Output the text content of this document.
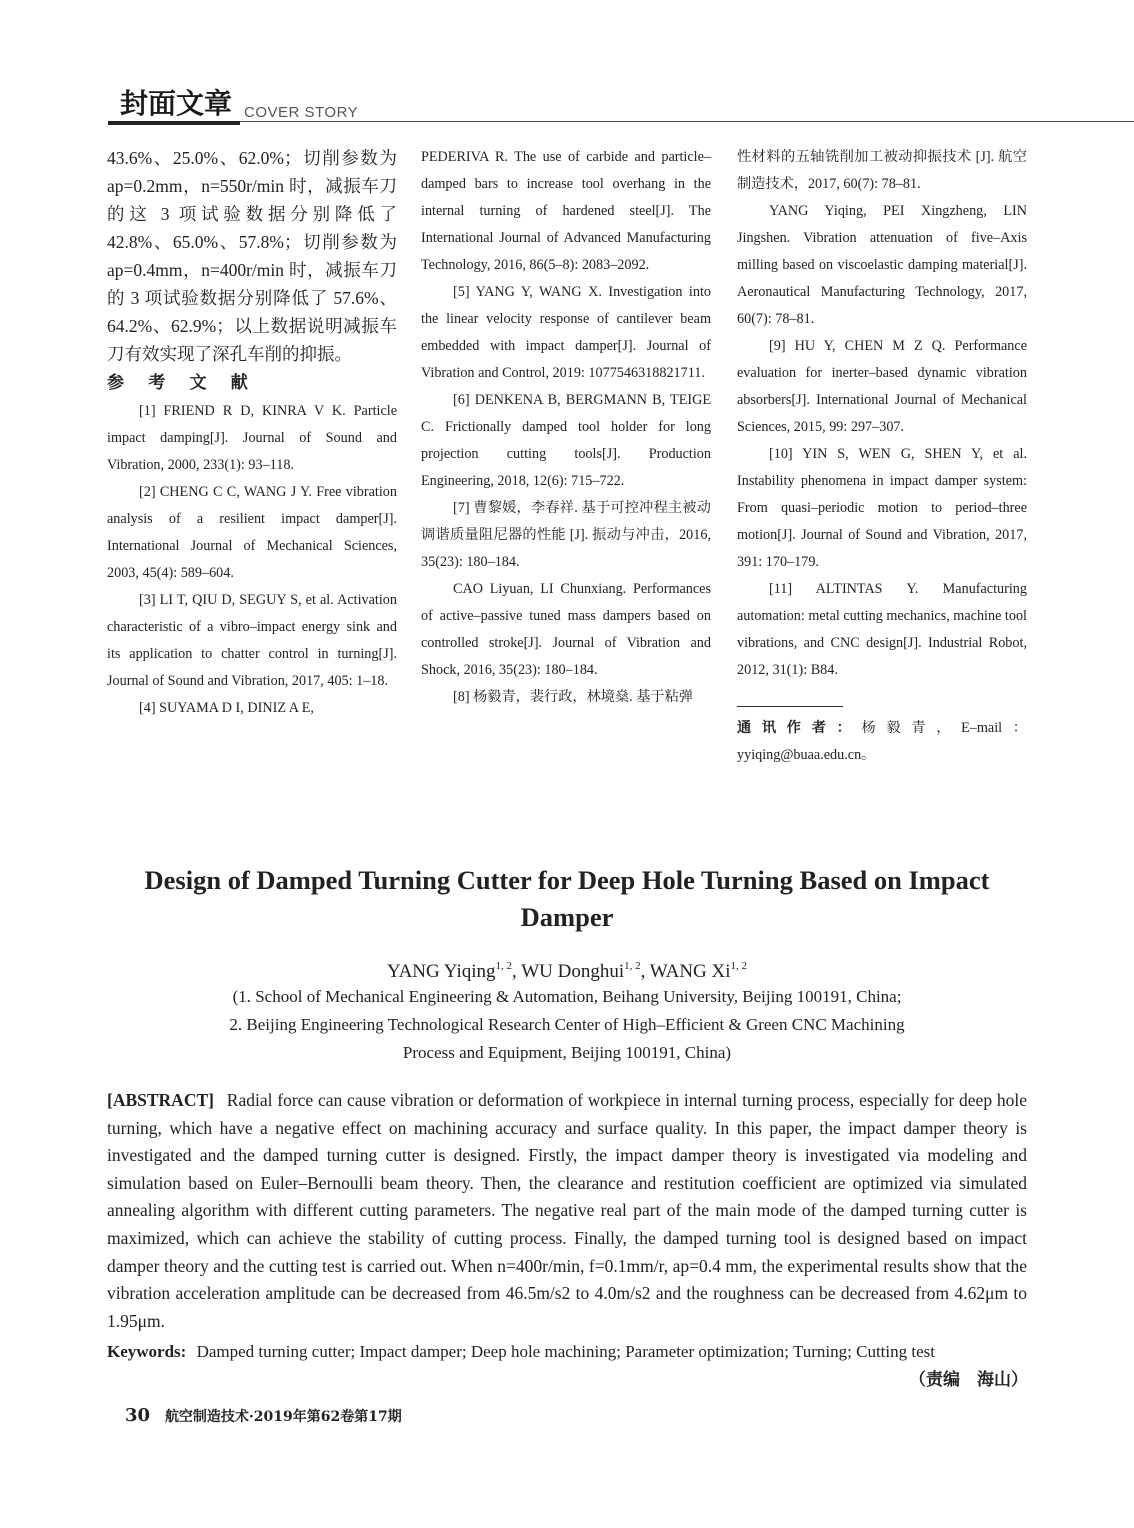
封面文章 COVER STORY

43.6%、25.0%、62.0%；切削参数为 ap=0.2mm，n=550r/min 时，减振车刀的这 3 项试验数据分别降低了 42.8%、65.0%、57.8%；切削参数为 ap=0.4mm，n=400r/min 时，减振车刀的 3 项试验数据分别降低了 57.6%、64.2%、62.9%；以上数据说明减振车刀有效实现了深孔车削的抑振。

参 考 文 献

[1] FRIEND R D, KINRA V K. Particle impact damping[J]. Journal of Sound and Vibration, 2000, 233(1): 93–118.

[2] CHENG C C, WANG J Y. Free vibration analysis of a resilient impact damper[J]. International Journal of Mechanical Sciences, 2003, 45(4): 589–604.

[3] LI T, QIU D, SEGUY S, et al. Activation characteristic of a vibro–impact energy sink and its application to chatter control in turning[J]. Journal of Sound and Vibration, 2017, 405: 1–18.

[4] SUYAMA D I, DINIZ A E,

PEDERIVA R. The use of carbide and particle–damped bars to increase tool overhang in the internal turning of hardened steel[J]. The International Journal of Advanced Manufacturing Technology, 2016, 86(5–8): 2083–2092.

[5] YANG Y, WANG X. Investigation into the linear velocity response of cantilever beam embedded with impact damper[J]. Journal of Vibration and Control, 2019: 1077546318821711.

[6] DENKENA B, BERGMANN B, TEIGE C. Frictionally damped tool holder for long projection cutting tools[J]. Production Engineering, 2018, 12(6): 715–722.

[7] 曹黎媛，李春祥. 基于可控冲程主被动调谐质量阻尼器的性能 [J]. 振动与冲击，2016, 35(23): 180–184.

CAO Liyuan, LI Chunxiang. Performances of active–passive tuned mass dampers based on controlled stroke[J]. Journal of Vibration and Shock, 2016, 35(23): 180–184.

[8] 杨毅青，裴行政，林境燊. 基于粘弹

性材料的五轴铣削加工被动抑振技术 [J]. 航空制造技术，2017, 60(7): 78–81.

YANG Yiqing, PEI Xingzheng, LIN Jingshen. Vibration attenuation of five–Axis milling based on viscoelastic damping material[J]. Aeronautical Manufacturing Technology, 2017, 60(7): 78–81.

[9] HU Y, CHEN M Z Q. Performance evaluation for inerter–based dynamic vibration absorbers[J]. International Journal of Mechanical Sciences, 2015, 99: 297–307.

[10] YIN S, WEN G, SHEN Y, et al. Instability phenomena in impact damper system: From quasi–periodic motion to period–three motion[J]. Journal of Sound and Vibration, 2017, 391: 170–179.

[11] ALTINTAS Y. Manufacturing automation: metal cutting mechanics, machine tool vibrations, and CNC design[J]. Industrial Robot, 2012, 31(1): B84.

通讯作者：杨毅青，E–mail：yyiqing@buaa.edu.cn。

Design of Damped Turning Cutter for Deep Hole Turning Based on Impact Damper
YANG Yiqing$^{1, 2}$, WU Donghui$^{1, 2}$, WANG Xi$^{1, 2}$
(1. School of Mechanical Engineering & Automation, Beihang University, Beijing 100191, China;
2. Beijing Engineering Technological Research Center of High–Efficient & Green CNC Machining
Process and Equipment, Beijing 100191, China)
[ABSTRACT] Radial force can cause vibration or deformation of workpiece in internal turning process, especially for deep hole turning, which have a negative effect on machining accuracy and surface quality. In this paper, the impact damper theory is investigated and the damped turning cutter is designed. Firstly, the impact damper theory is investigated via modeling and simulation based on Euler–Bernoulli beam theory. Then, the clearance and restitution coefficient are optimized via simulated annealing algorithm with different cutting parameters. The negative real part of the main mode of the damped turning cutter is maximized, which can achieve the stability of cutting process. Finally, the damped turning tool is designed based on impact damper theory and the cutting test is carried out. When n=400r/min, f=0.1mm/r, ap=0.4 mm, the experimental results show that the vibration acceleration amplitude can be decreased from 46.5m/s2 to 4.0m/s2 and the roughness can be decreased from 4.62μm to 1.95μm.
Keywords: Damped turning cutter; Impact damper; Deep hole machining; Parameter optimization; Turning; Cutting test
（责编　海山）
30 航空制造技术·2019年第62卷第17期
